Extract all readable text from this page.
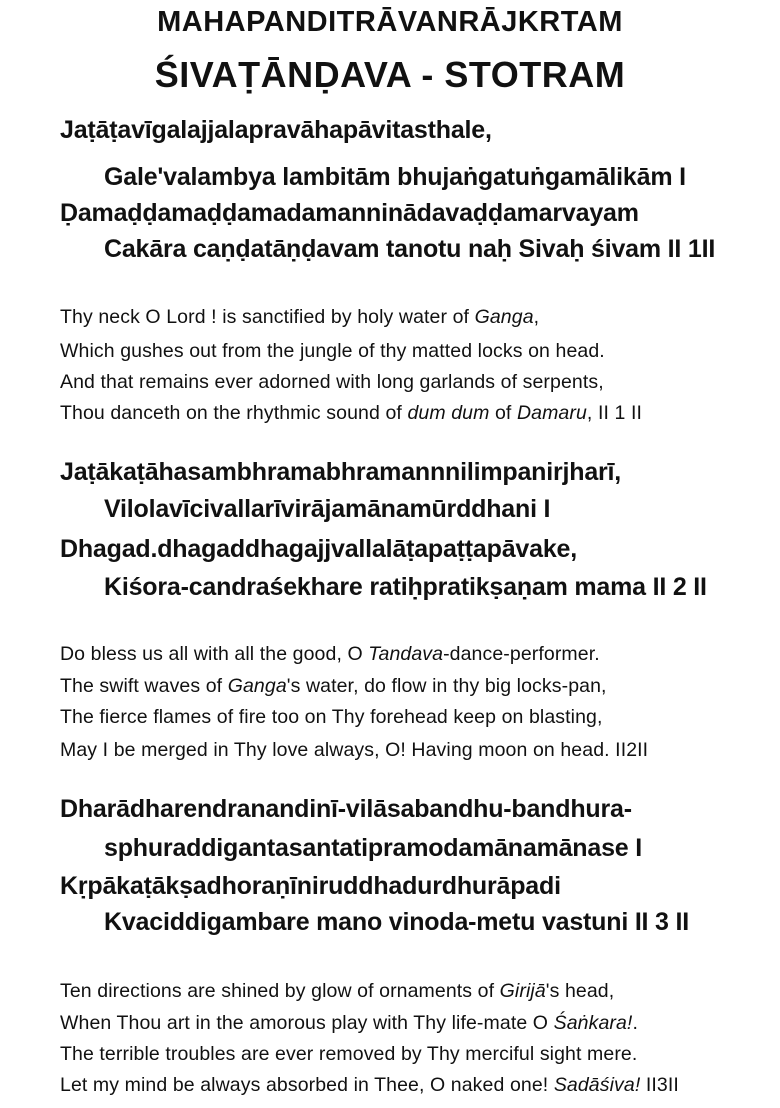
MAHAPANDITRĀVANRĀJKRTAM
ŚIVAṬĀNḌAVA - STOTRAM
Jaṭāṭavīgalajjalapravāhapāvitasthale,
Gale'valambya lambitām bhujaṅgatuṅgamālikām I
Ḍamaḍḍamaḍḍamadamanninādavaḍḍamarvayam
Cakāra caṇḍatāṇḍavam tanotu naḥ Sivaḥ śivam II 1II
Thy neck O Lord ! is sanctified by holy water of Ganga,
Which gushes out from the jungle of thy matted locks on head.
And that remains ever adorned with long garlands of serpents,
Thou danceth on the rhythmic sound of dum dum of Damaru, II 1 II
Jaṭākaṭāhasambhramabhramannnilimpanirjharī,
Vilolavīcivallarīvirājamānamūrddhani I
Dhagad.dhagaddhagajjvallalāṭapaṭṭapāvake,
Kiśora-candraśekhare ratiḥpratikṣaṇam mama II 2 II
Do bless us all with all the good, O Tandava-dance-performer.
The swift waves of Ganga's water, do flow in thy big locks-pan,
The fierce flames of fire too on Thy forehead keep on blasting,
May I be merged in Thy love always, O! Having moon on head. II2II
Dharādharendranandinī-vilāsabandhu-bandhura-
sphuraddigantasantatipramodamānamānase I
Kṛpākaṭākṣadhoraṇīniruddhadurdhurāpadi
Kvaciddigambare mano vinoda-metu vastuni II 3 II
Ten directions are shined by glow of ornaments of Girijā's head,
When Thou art in the amorous play with Thy life-mate O Śaṅkara!.
The terrible troubles are ever removed by Thy merciful sight mere.
Let my mind be always absorbed in Thee, O naked one! Sadāśiva! II3II
